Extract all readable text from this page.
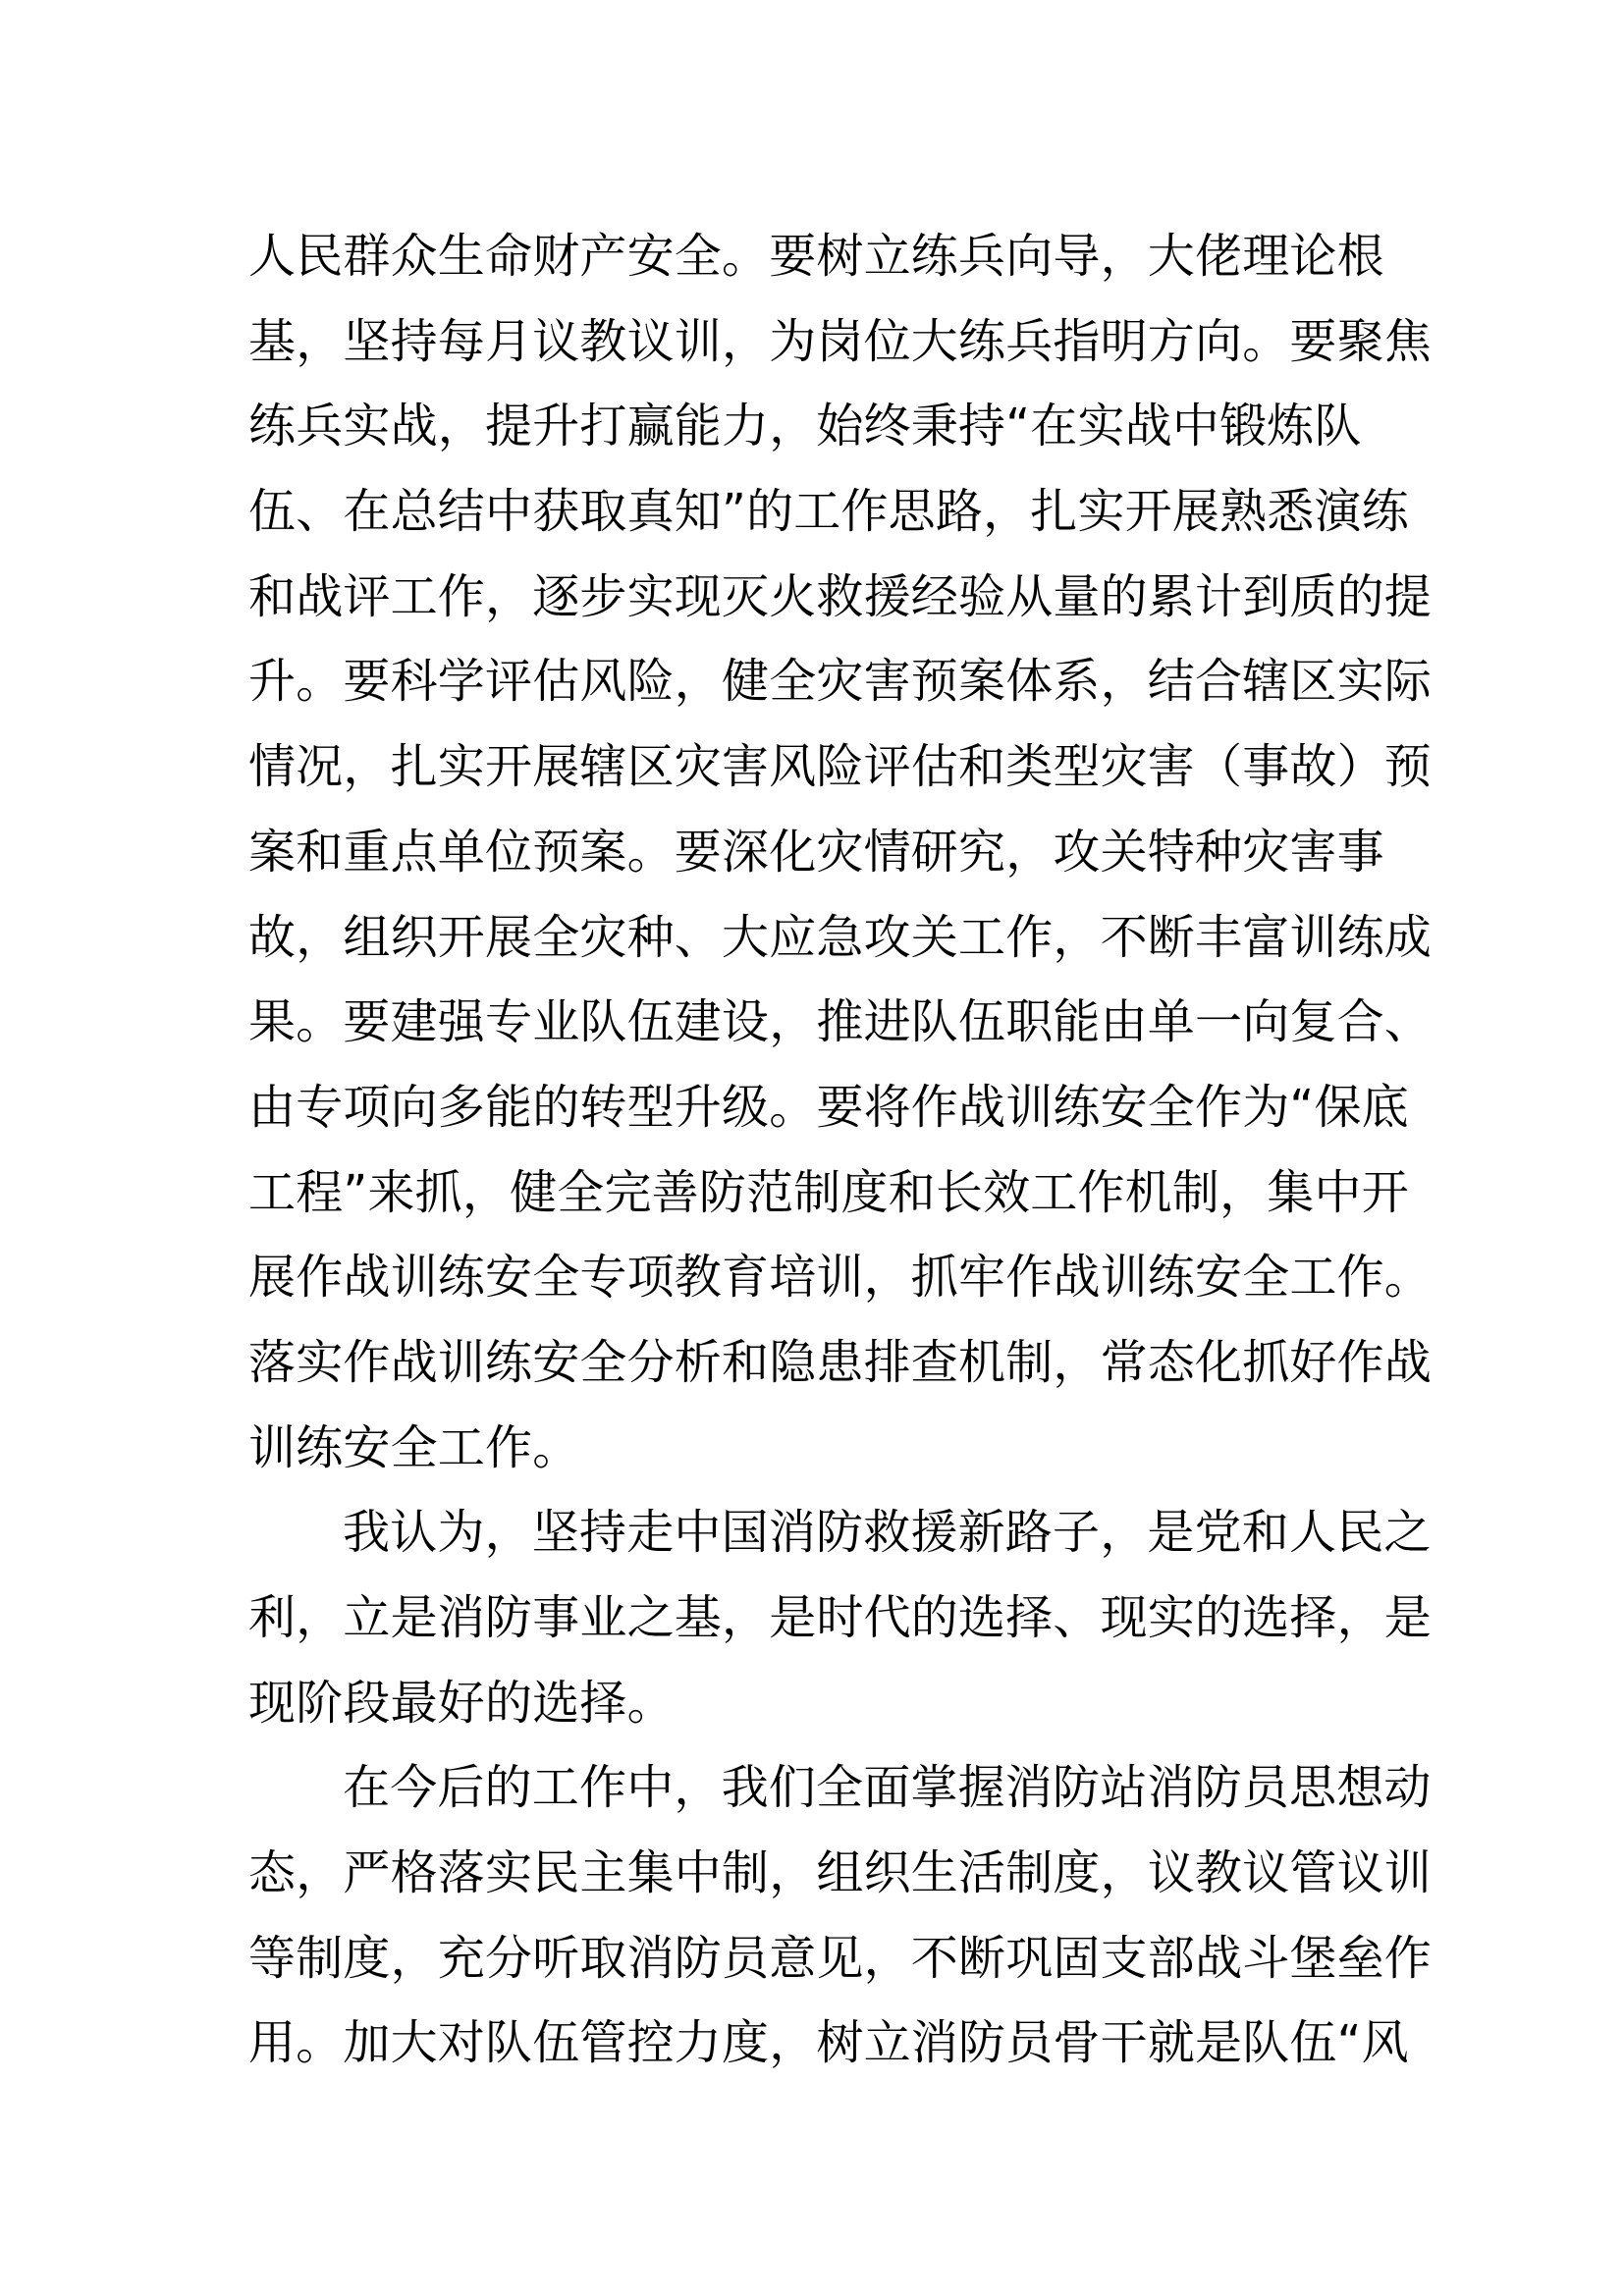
人民群众生命财产安全。要树立练兵向导，大佬理论根
基，坚持每月议教议训，为岗位大练兵指明方向。要聚焦
练兵实战，提升打赢能力，始终秉持“在实战中锻炼队
伍、在总结中获取真知”的工作思路，扎实开展熟悉演练
和战评工作，逐步实现灭火救援经验从量的累计到质的提
升。要科学评估风险，健全灾害预案体系，结合辖区实际
情况，扎实开展辖区灾害风险评估和类型灾害（事故）预
案和重点单位预案。要深化灾情研究，攻关特种灾害事
故，组织开展全灾种、大应急攻关工作，不断丰富训练成
果。要建强专业队伍建设，推进队伍职能由单一向复合、
由专项向多能的转型升级。要将作战训练安全作为“保底
工程”来抓，健全完善防范制度和长效工作机制，集中开
展作战训练安全专项教育培训，抓牢作战训练安全工作。
落实作战训练安全分析和隐患排查机制，常态化抓好作战
训练安全工作。
我认为，坚持走中国消防救援新路子，是党和人民之
利，立是消防事业之基，是时代的选择、现实的选择，是
现阶段最好的选择。
在今后的工作中，我们全面掌握消防站消防员思想动
态，严格落实民主集中制，组织生活制度，议教议管议训
等制度，充分听取消防员意见，不断巩固支部战斗堡垒作
用。加大对队伍管控力度，树立消防员骨干就是队伍“风
